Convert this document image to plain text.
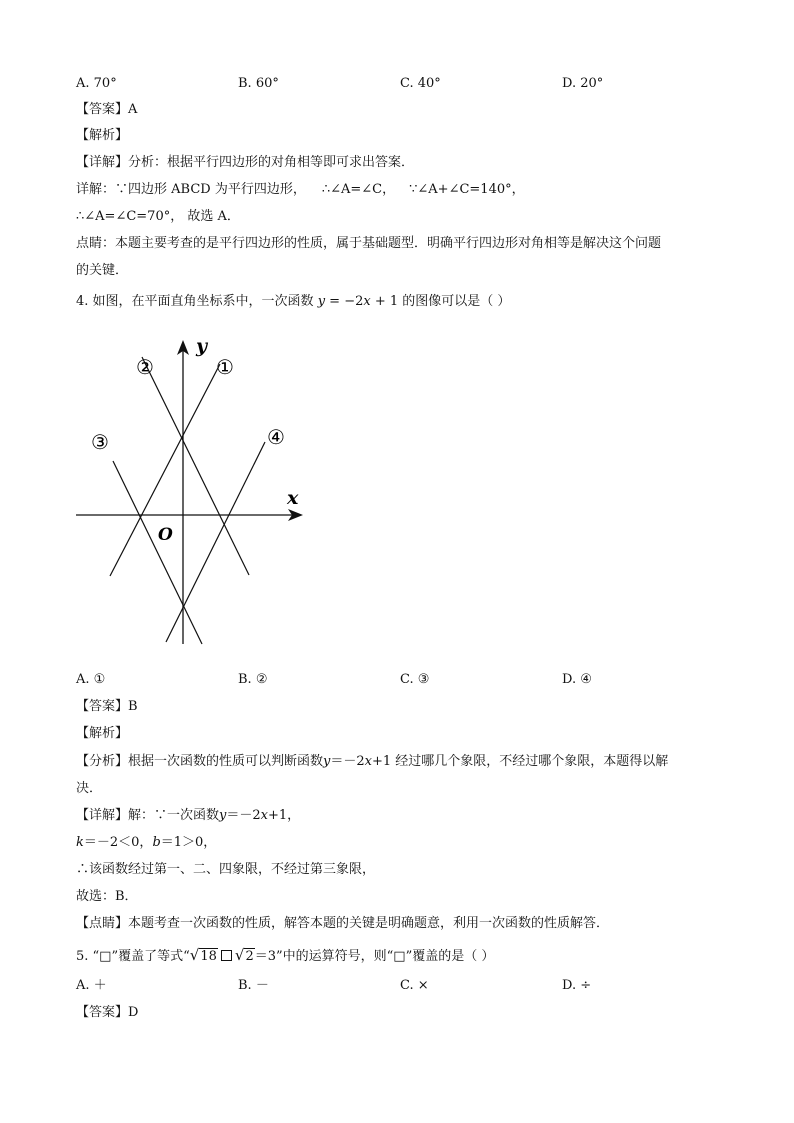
A. 70°	B. 60°	C. 40°	D. 20°
【答案】A
【解析】
【详解】分析：根据平行四边形的对角相等即可求出答案．
详解：∵四边形 ABCD 为平行四边形， ∴∠A=∠C， ∵∠A+∠C=140°，
∴∠A=∠C=70°， 故选 A．
点睛：本题主要考查的是平行四边形的性质，属于基础题型．明确平行四边形对角相等是解决这个问题
的关键．
4. 如图，在平面直角坐标系中，一次函数 y = −2x + 1 的图像可以是（ ）
y
x
O
①
②
③	④
A. ①	B. ②	C. ③	D. ④
【答案】B
【解析】
【分析】根据一次函数的性质可以判断函数y＝－2x+1 经过哪几个象限，不经过哪个象限，本题得以解
决．
【详解】解：∵一次函数y＝－2x+1，
k＝－2＜0，b＝1＞0，
∴该函数经过第一、二、四象限，不经过第三象限，
故选：B．
【点睛】本题考查一次函数的性质，解答本题的关键是明确题意，利用一次函数的性质解答．
5. “□”覆盖了等式“√18 √2＝3”中的运算符号，则“□”覆盖的是（ ）
A. ＋	B. －	C. ×	D. ÷
【答案】D
